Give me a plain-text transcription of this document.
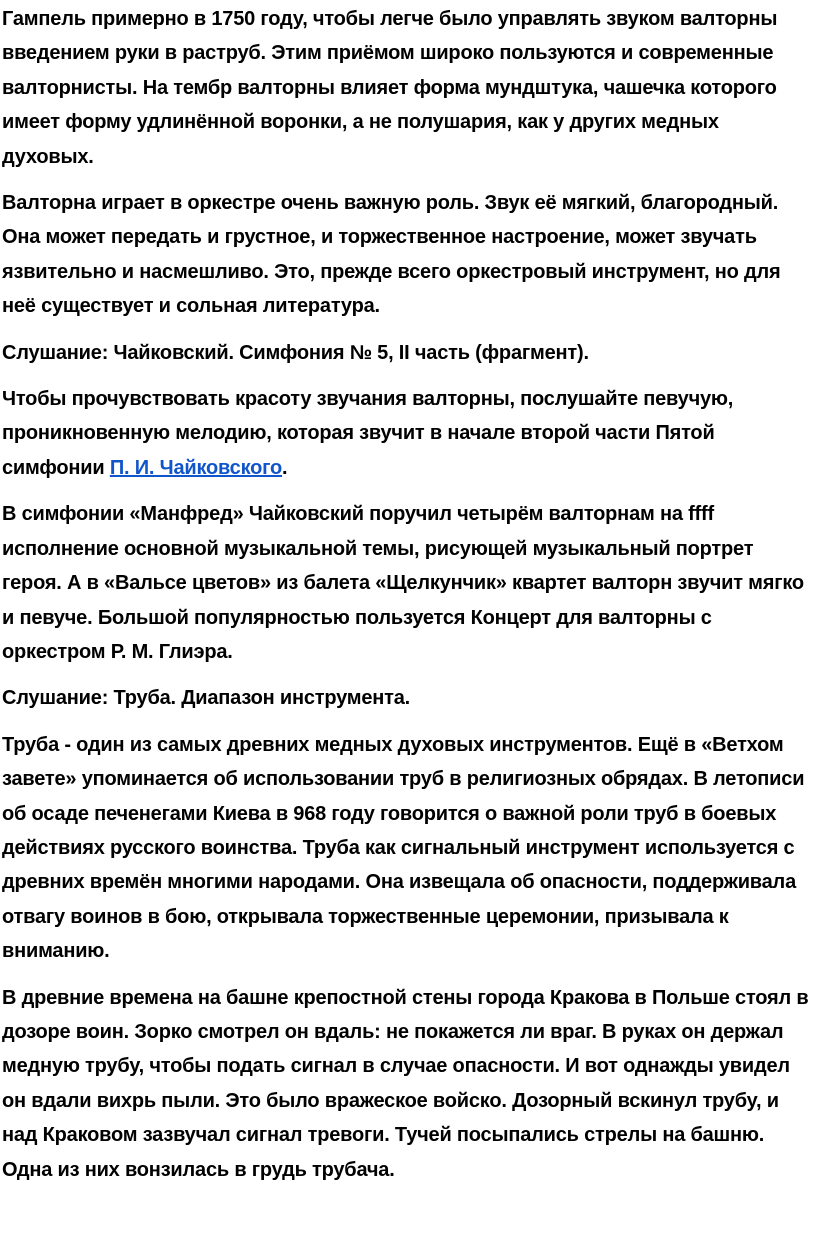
Гампель примерно в 1750 году, чтобы легче было управлять звуком валторны введением руки в раструб. Этим приёмом широко пользуются и современные валторнисты. На тембр валторны влияет форма мундштука, чашечка которого имеет форму удлинённой воронки, а не полушария, как у других медных духовых.

Валторна играет в оркестре очень важную роль. Звук её мягкий, благородный. Она может передать и грустное, и торжественное настроение, может звучать язвительно и насмешливо. Это, прежде всего оркестровый инструмент, но для неё существует и сольная литература.

Слушание: Чайковский. Симфония № 5, II часть (фрагмент).

Чтобы прочувствовать красоту звучания валторны, послушайте певучую, проникновенную мелодию, которая звучит в начале второй части Пятой симфонии П. И. Чайковского.

В симфонии «Манфред» Чайковский поручил четырём валторнам на ffff исполнение основной музыкальной темы, рисующей музыкальный портрет героя. А в «Вальсе цветов» из балета «Щелкунчик» квартет валторн звучит мягко и певуче. Большой популярностью пользуется Концерт для валторны с оркестром Р. М. Глиэра.

Слушание: Труба. Диапазон инструмента.

Труба - один из самых древних медных духовых инструментов. Ещё в «Ветхом завете» упоминается об использовании труб в религиозных обрядах. В летописи об осаде печенегами Киева в 968 году говорится о важной роли труб в боевых действиях русского воинства. Труба как сигнальный инструмент используется с древних времён многими народами. Она извещала об опасности, поддерживала отвагу воинов в бою, открывала торжественные церемонии, призывала к вниманию.

В древние времена на башне крепостной стены города Кракова в Польше стоял в дозоре воин. Зорко смотрел он вдаль: не покажется ли враг. В руках он держал медную трубу, чтобы подать сигнал в случае опасности. И вот однажды увидел он вдали вихрь пыли. Это было вражеское войско. Дозорный вскинул трубу, и над Краковом зазвучал сигнал тревоги. Тучей посыпались стрелы на башню. Одна из них вонзилась в грудь трубача.
